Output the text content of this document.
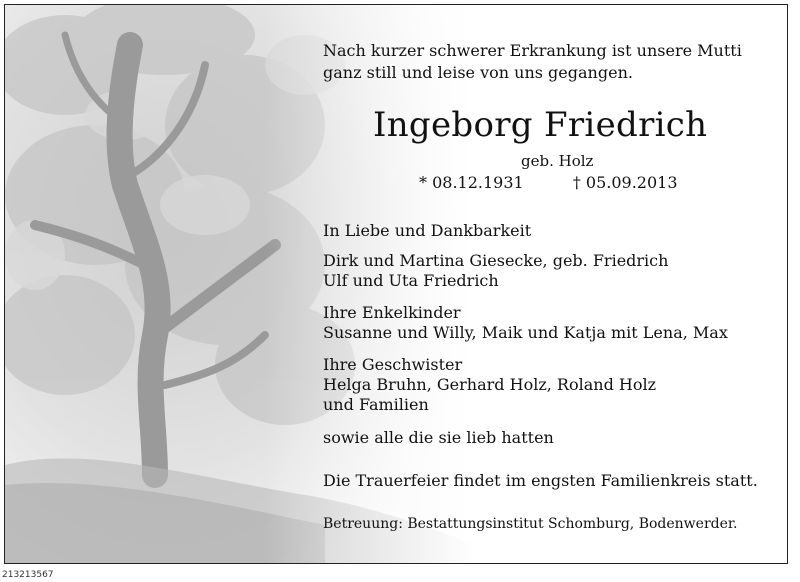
Nach kurzer schwerer Erkrankung ist unsere Mutti
ganz still und leise von uns gegangen.
Ingeborg Friedrich
geb. Holz
* 08.12.1931	† 05.09.2013
In Liebe und Dankbarkeit
Dirk und Martina Giesecke, geb. Friedrich
Ulf und Uta Friedrich
Ihre Enkelkinder
Susanne und Willy, Maik und Katja mit Lena, Max
Ihre Geschwister
Helga Bruhn, Gerhard Holz, Roland Holz
und Familien
sowie alle die sie lieb hatten
Die Trauerfeier findet im engsten Familienkreis statt.
Betreuung: Bestattungsinstitut Schomburg, Bodenwerder.
213213567
